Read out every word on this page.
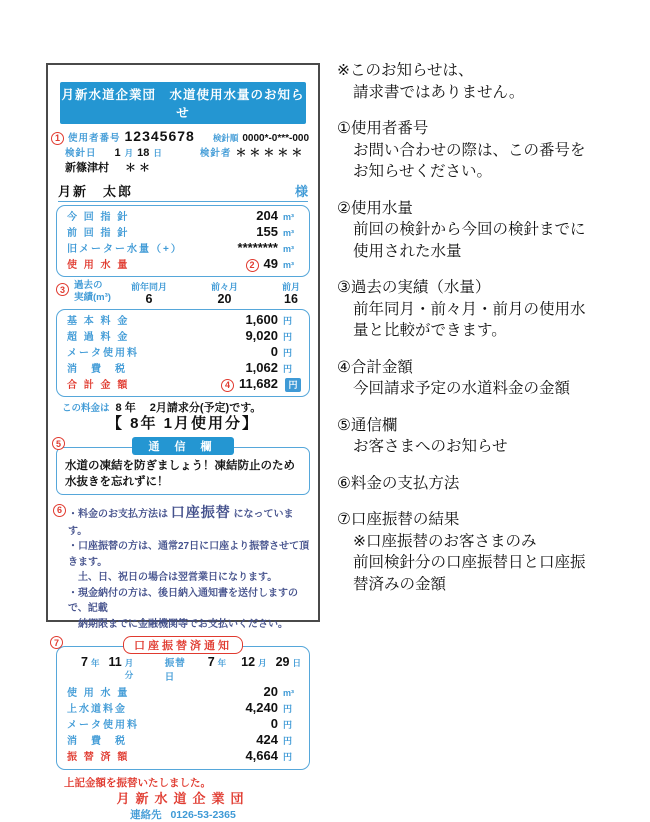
月新水道企業団　水道使用水量のお知らせ
1 使用者番号 12345678 検針順 0000*-0***-000
検針日 1 月 18 日	検針者 ＊＊＊＊＊
新篠津村 ＊＊
月新　太郎	様
今 回 指 針	204 m³
前 回 指 針	155 m³
旧メーター水量（+）	******** m³
使 用 水 量	2 49 m³
3 過去の
実績(m³)
前年同月
6
前々月
20
前月
16
基 本 料 金	1,600 円
超 過 料 金	9,020 円
メータ使用料	0 円
消　費　税	1,062 円
合 計 金 額	4 11,682	円
この料金は 8 年　 2月請求分(予定)です。
【 8年 1月使用分】
5	通 信 欄
水道の凍結を防ぎましょう！凍結防止のため水抜きを忘れずに！
6 ・料金のお支払方法は 口座振替 になっています。
・口座振替の方は、通常27日に口座より振替させて頂きます。
　土、日、祝日の場合は翌営業日になります。
・現金納付の方は、後日納入通知書を送付しますので、記載
　納期限までに金融機関等でお支払いください。
7	口座振替済通知
7 年 11 月分
振替日
7 年 12 月 29 日
使 用 水 量	20 m³
上水道料金	4,240 円
メータ使用料	0 円
消　費　税	424 円
振 替 済 額	4,664 円
上記金額を振替いたしました。
月新水道企業団
連絡先 0126-53-2365
※このお知らせは、
請求書ではありません。
①使用者番号
お問い合わせの際は、この番号を
お知らせください。
②使用水量
前回の検針から今回の検針までに
使用された水量
③過去の実績（水量）
前年同月・前々月・前月の使用水
量と比較ができます。
④合計金額
今回請求予定の水道料金の金額
⑤通信欄
お客さまへのお知らせ
⑥料金の支払方法
⑦口座振替の結果
※口座振替のお客さまのみ
前回検針分の口座振替日と口座振
替済みの金額
